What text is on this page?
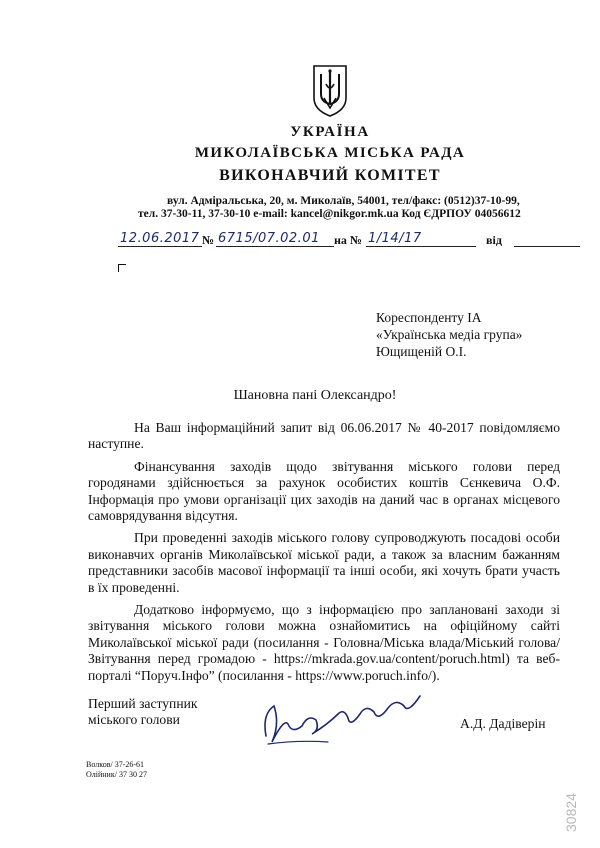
УКРАЇНА
МИКОЛАЇВСЬКА МІСЬКА РАДА
ВИКОНАВЧИЙ КОМІТЕТ
вул. Адміральська, 20, м. Миколаїв, 54001, тел/факс: (0512)37-10-99,
тел. 37-30-11, 37-30-10 e-mail: kancel@nikgor.mk.ua Код ЄДРПОУ 04056612
12.06.2017 № 6715/07.02.01 на № 1/14/17	від
Кореспонденту ІА
«Українська медіа група»
Ющищеній О.І.
Шановна пані Олександро!

На Ваш інформаційний запит від 06.06.2017 № 40-2017 повідомляємо наступне.

Фінансування заходів щодо звітування міського голови перед городянами здійснюється за рахунок особистих коштів Сєнкевича О.Ф. Інформація про умови організації цих заходів на даний час в органах місцевого самоврядування відсутня.

При проведенні заходів міського голову супроводжують посадові особи виконавчих органів Миколаївської міської ради, а також за власним бажанням представники засобів масової інформації та інші особи, які хочуть брати участь в їх проведенні.

Додатково інформуємо, що з інформацією про заплановані заходи зі звітування міського голови можна ознайомитись на офіційному сайті Миколаївської міської ради (посилання - Головна/Міська влада/Міський голова/Звітування перед громадою - https://mkrada.gov.ua/content/poruch.html) та веб-порталі “Поруч.Інфо” (посилання - https://www.poruch.info/).

Перший заступник
міського голови	А.Д. Дадіверін
Волков/ 37-26-61
Олійник/ 37 30 27
30824
